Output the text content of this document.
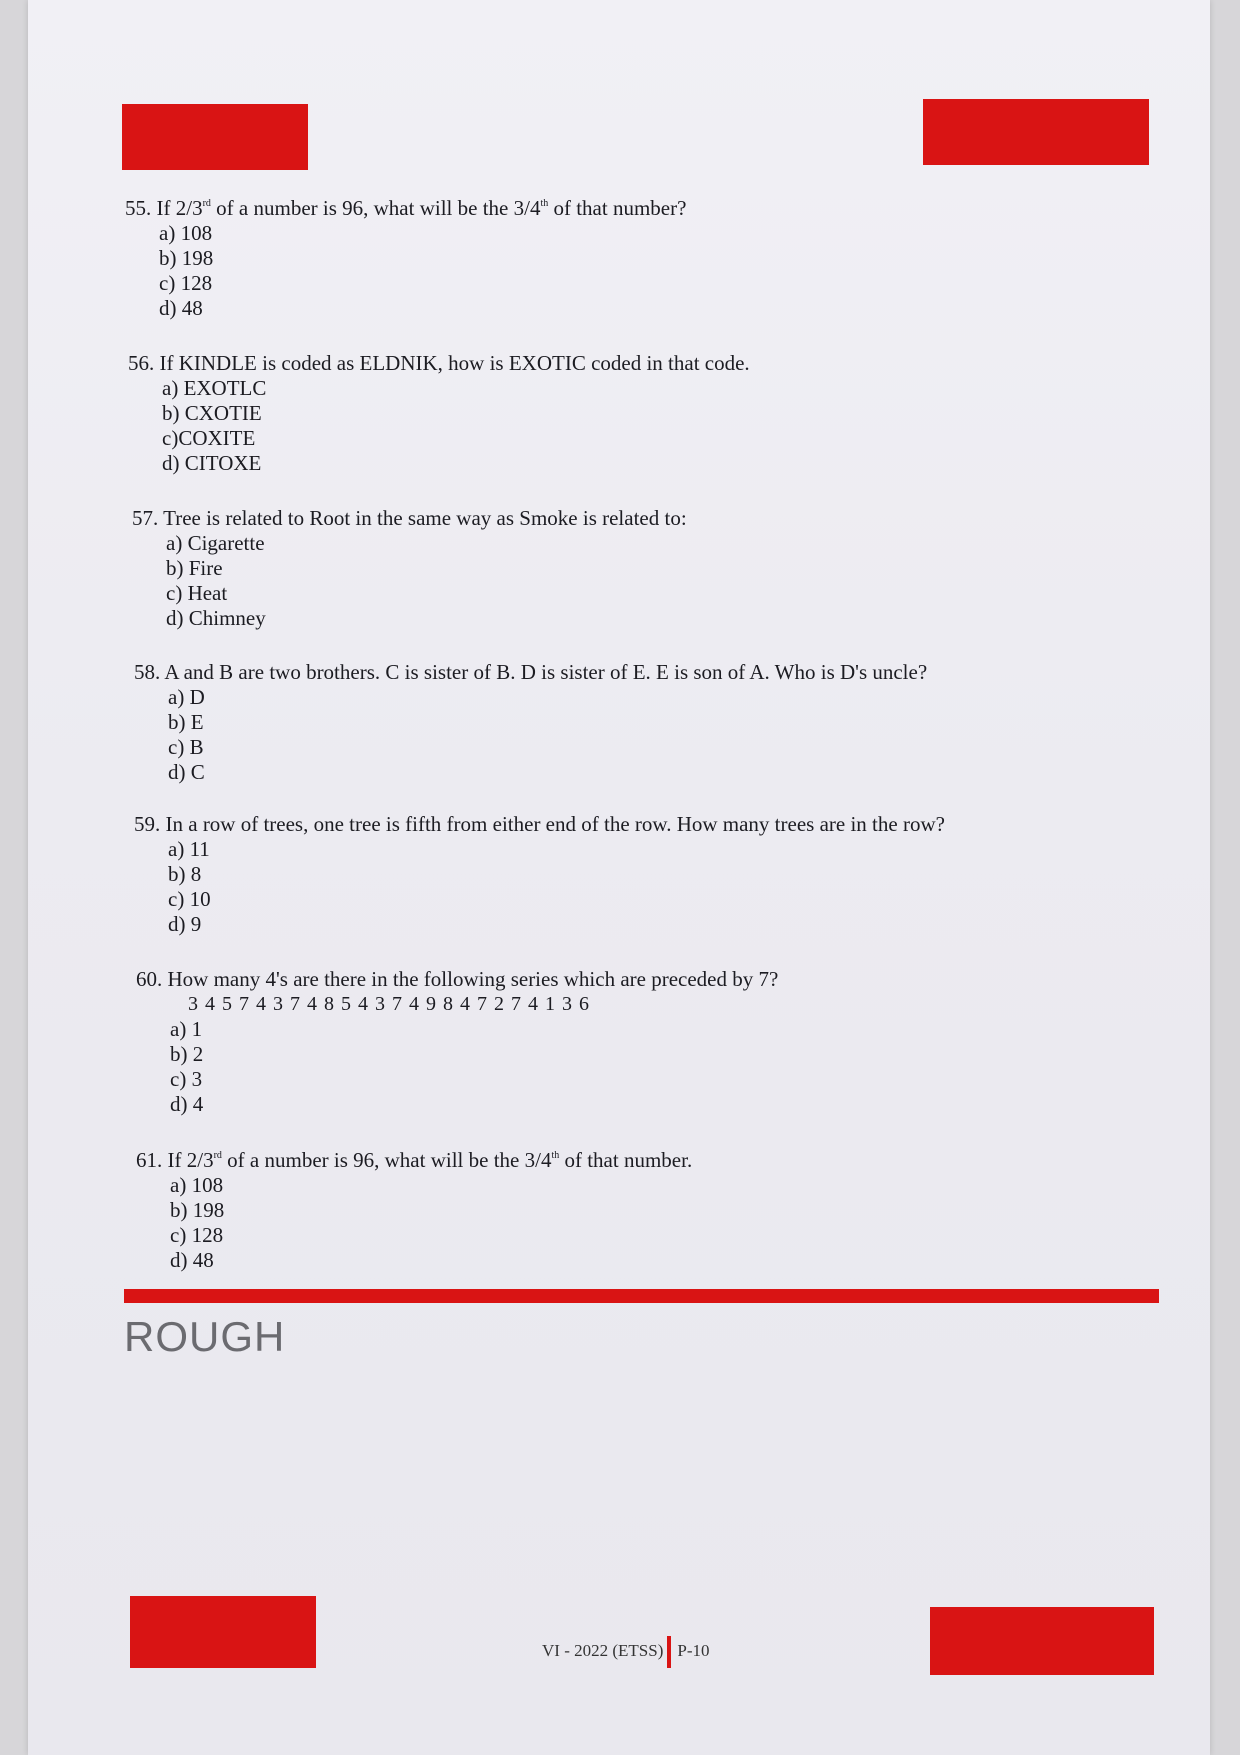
55. If 2/3rd of a number is 96, what will be the 3/4th of that number?
a) 108
b) 198
c) 128
d) 48
56. If KINDLE is coded as ELDNIK, how is EXOTIC coded in that code.
a) EXOTLC
b) CXOTIE
c)COXITE
d) CITOXE
57. Tree is related to Root in the same way as Smoke is related to:
a) Cigarette
b) Fire
c) Heat
d) Chimney
58. A and B are two brothers. C is sister of B. D is sister of E. E is son of A. Who is D's uncle?
a) D
b) E
c) B
d) C
59. In a row of trees, one tree is fifth from either end of the row. How many trees are in the row?
a) 11
b) 8
c) 10
d) 9
60. How many 4's are there in the following series which are preceded by 7?
3 4 5 7 4 3 7 4 8 5 4 3 7 4 9 8 4 7 2 7 4 1 3 6
a) 1
b) 2
c) 3
d) 4
61. If 2/3rd of a number is 96, what will be the 3/4th of that number.
a) 108
b) 198
c) 128
d) 48
ROUGH
VI - 2022 (ETSS) P-10
